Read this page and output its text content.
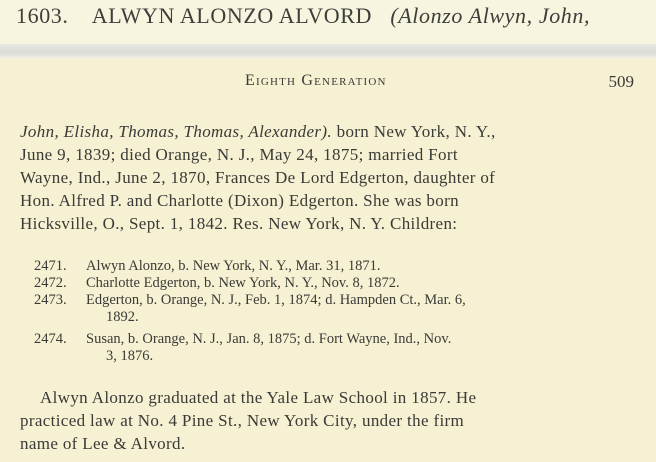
1603. ALWYN ALONZO ALVORD (Alonzo Alwyn, John,
Eighth Generation	509
John, Elisha, Thomas, Thomas, Alexander). born New York, N. Y.,
June 9, 1839; died Orange, N. J., May 24, 1875; married Fort
Wayne, Ind., June 2, 1870, Frances De Lord Edgerton, daughter of
Hon. Alfred P. and Charlotte (Dixon) Edgerton. She was born
Hicksville, O., Sept. 1, 1842. Res. New York, N. Y. Children:
2471.	Alwyn Alonzo, b. New York, N. Y., Mar. 31, 1871.
2472.	Charlotte Edgerton, b. New York, N. Y., Nov. 8, 1872.
2473.	Edgerton, b. Orange, N. J., Feb. 1, 1874; d. Hampden Ct., Mar. 6,
1892.
2474.	Susan, b. Orange, N. J., Jan. 8, 1875; d. Fort Wayne, Ind., Nov.
3, 1876.
Alwyn Alonzo graduated at the Yale Law School in 1857. He
practiced law at No. 4 Pine St., New York City, under the firm
name of Lee & Alvord.
